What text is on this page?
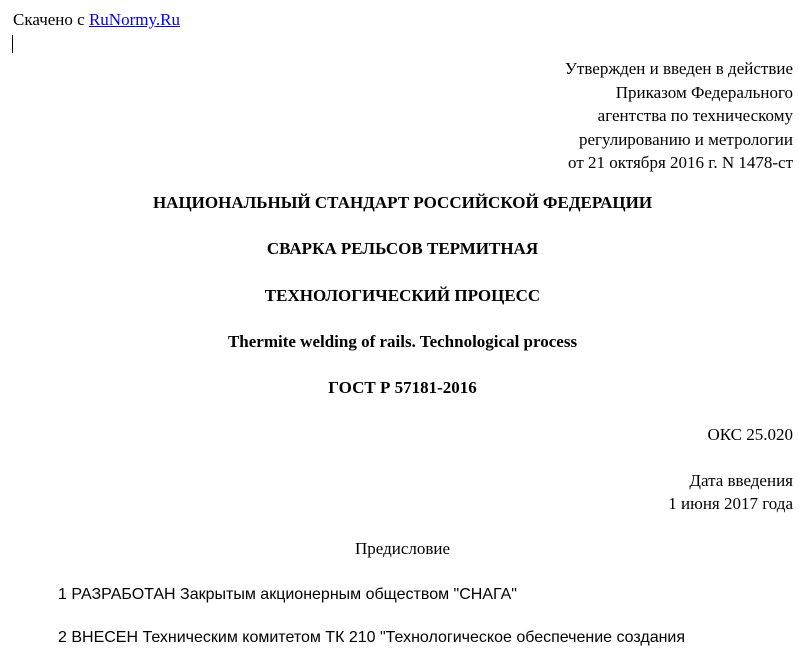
Скачено с RuNormy.Ru
Утвержден и введен в действие
Приказом Федерального
агентства по техническому
регулированию и метрологии
от 21 октября 2016 г. N 1478-ст
НАЦИОНАЛЬНЫЙ СТАНДАРТ РОССИЙСКОЙ ФЕДЕРАЦИИ
СВАРКА РЕЛЬСОВ ТЕРМИТНАЯ
ТЕХНОЛОГИЧЕСКИЙ ПРОЦЕСС
Thermite welding of rails. Technological process
ГОСТ Р 57181-2016
ОКС 25.020
Дата введения
1 июня 2017 года
Предисловие
1 РАЗРАБОТАН Закрытым акционерным обществом "СНАГА"
2 ВНЕСЕН Техническим комитетом ТК 210 "Технологическое обеспечение создания
